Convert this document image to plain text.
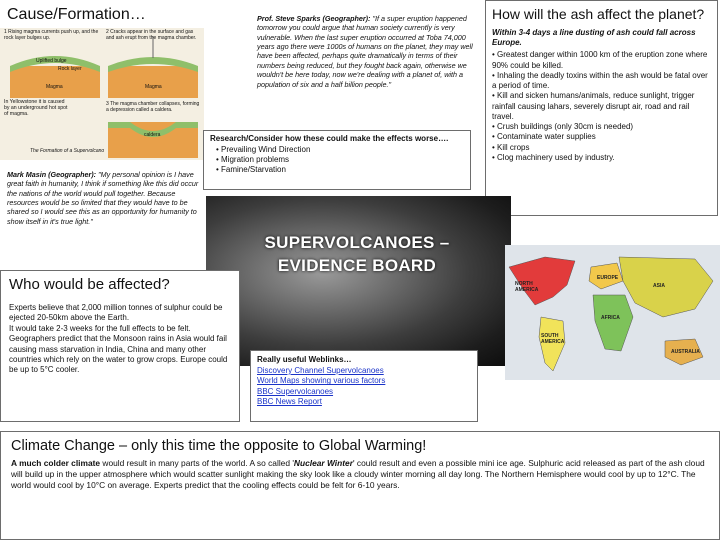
Cause/Formation…
1 Rising magma currents push up, and the rock layer bulges up.
2 Cracks appear in the surface and gas and ash erupt from the magma chamber.
Uplifted bulge
Rock layer
Magma	Magma
In Yellowstone it is caused by an underground hot spot of magma.
3 The magma chamber collapses, forming a depression called a caldera.
caldera
The Formation of a Supervolcano
Mark Masin (Geographer): "My personal opinion is I have great faith in humanity, I think if something like this did occur the nations of the world would pull together. Because resources would be so limited that they would have to be shared so I would see this as an opportunity for humanity to show itself in it's true light."
Prof. Steve Sparks (Geographer): "If a super eruption happened tomorrow you could argue that human society currently is very vulnerable. When the last super eruption occurred at Toba 74,000 years ago there were 1000s of humans on the planet, they may well have been affected, perhaps quite dramatically in terms of their numbers being reduced, but they fought back again, otherwise we wouldn't be here today, now we're dealing with a planet of, with a population of six and a half billion people."
Research/Consider how these could make the effects worse….
• Prevailing Wind Direction
• Migration problems
• Famine/Starvation
How will the ash affect the planet?
Within 3-4 days a line dusting of ash could fall across Europe.
• Greatest danger within 1000 km of the eruption zone where 90% could be killed.
• Inhaling the deadly toxins within the ash would be fatal over a period of time.
• Kill and sicken humans/animals, reduce sunlight, trigger rainfall causing lahars, severely disrupt air, road and rail travel.
• Crush buildings (only 30cm is needed)
• Contaminate water supplies
• Kill crops
• Clog machinery used by industry.
SUPERVOLCANOES –
EVIDENCE BOARD
NORTH AMERICA
EUROPE
ASIA
AFRICA
SOUTH AMERICA
AUSTRALIA
Who would be affected?
Experts believe that 2,000 million tonnes of sulphur could be ejected 20-50km above the Earth.
It would take 2-3 weeks for the full effects to be felt.
Geographers predict that the Monsoon rains in Asia would fail causing mass starvation in India, China and many other countries which rely on the water to grow crops. Europe could be up to 5°C cooler.
Really useful Weblinks…
Discovery Channel Supervolcanoes
World Maps showing various factors
BBC Supervolcanoes
BBC News Report
Climate Change – only this time the opposite to Global Warming!
A much colder climate would result in many parts of the world. A so called 'Nuclear Winter' could result and even a possible mini ice age. Sulphuric acid released as part of the ash cloud will build up in the upper atmosphere which would scatter sunlight making the sky look like a cloudy winter morning all day long. The Northern Hemisphere would cool by up to 12°C. The world would cool by 10°C on average. Experts predict that the cooling effects could be felt for 6-10 years.
